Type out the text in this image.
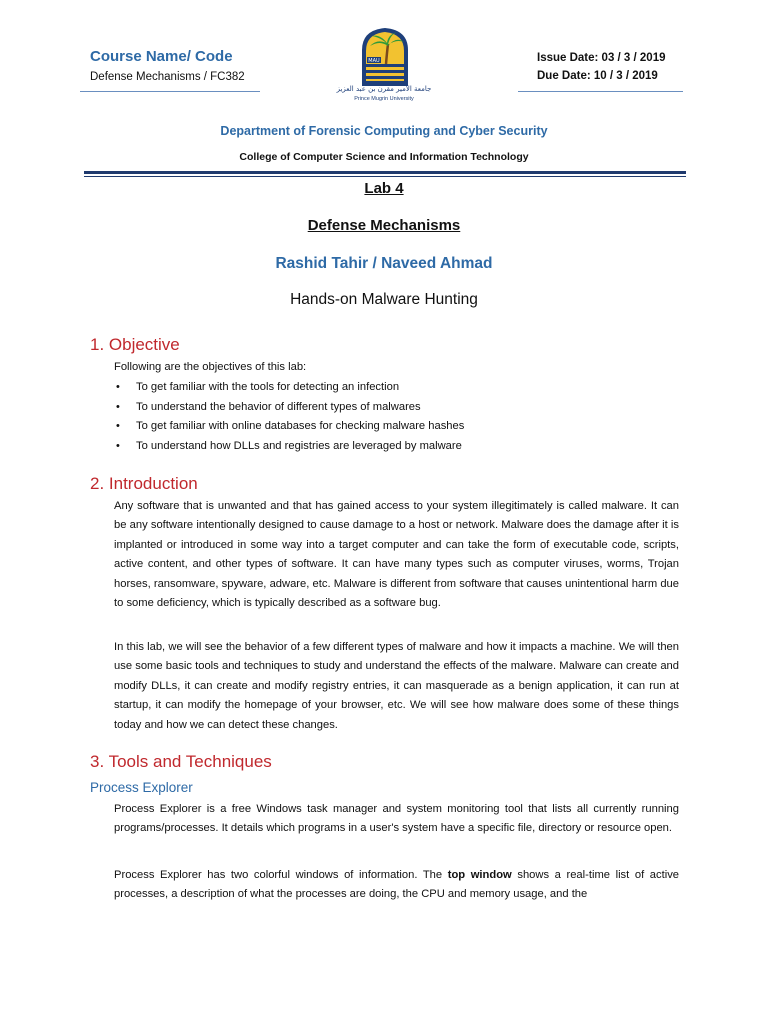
Course Name/ Code
Defense Mechanisms / FC382
MAU
جامعة الأمير مقرن بن عبد العزيز
Prince Mugrin University
Issue Date: 03 / 3 / 2019
Due Date: 10 / 3 / 2019
Department of Forensic Computing and Cyber Security
College of Computer Science and Information Technology
Lab 4
Defense Mechanisms
Rashid Tahir / Naveed Ahmad
Hands-on Malware Hunting
1. Objective
Following are the objectives of this lab:
• To get familiar with the tools for detecting an infection
• To understand the behavior of different types of malwares
• To get familiar with online databases for checking malware hashes
• To understand how DLLs and registries are leveraged by malware
2. Introduction
Any software that is unwanted and that has gained access to your system illegitimately is called malware. It can be any software intentionally designed to cause damage to a host or network. Malware does the damage after it is implanted or introduced in some way into a target computer and can take the form of executable code, scripts, active content, and other types of software. It can have many types such as computer viruses, worms, Trojan horses, ransomware, spyware, adware, etc. Malware is different from software that causes unintentional harm due to some deficiency, which is typically described as a software bug.
In this lab, we will see the behavior of a few different types of malware and how it impacts a machine. We will then use some basic tools and techniques to study and understand the effects of the malware. Malware can create and modify DLLs, it can create and modify registry entries, it can masquerade as a benign application, it can run at startup, it can modify the homepage of your browser, etc. We will see how malware does some of these things today and how we can detect these changes.
3. Tools and Techniques
Process Explorer
Process Explorer is a free Windows task manager and system monitoring tool that lists all currently running programs/processes. It details which programs in a user's system have a specific file, directory or resource open.
Process Explorer has two colorful windows of information. The top window shows a real-time list of active processes, a description of what the processes are doing, the CPU and memory usage, and the
